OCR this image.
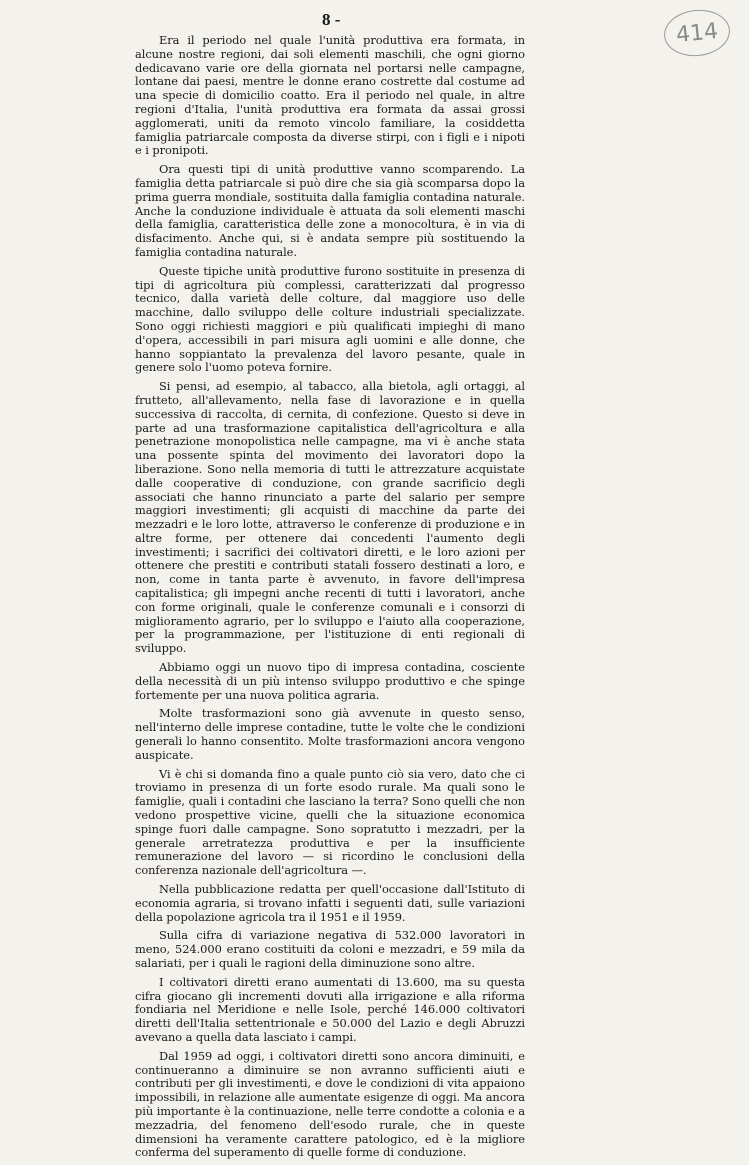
8 -	414

Era il periodo nel quale l'unità produttiva era formata, in alcune nostre regioni, dai soli elementi maschili, che ogni giorno dedicavano varie ore della giornata nel portarsi nelle campagne, lontane dai paesi, mentre le donne erano costrette dal costume ad una specie di domicilio coatto. Era il periodo nel quale, in altre regioni d'Italia, l'unità produttiva era formata da assai grossi agglomerati, uniti da remoto vincolo familiare, la cosiddetta famiglia patriarcale composta da diverse stirpi, con i figli e i nipoti e i pronipoti.

Ora questi tipi di unità produttive vanno scomparendo. La famiglia detta patriarcale si può dire che sia già scomparsa dopo la prima guerra mondiale, sostituita dalla famiglia contadina naturale. Anche la conduzione individuale è attuata da soli elementi maschi della famiglia, caratteristica delle zone a monocoltura, è in via di disfacimento. Anche qui, si è andata sempre più sostituendo la famiglia contadina naturale.

Queste tipiche unità produttive furono sostituite in presenza di tipi di agricoltura più complessi, caratterizzati dal progresso tecnico, dalla varietà delle colture, dal maggiore uso delle macchine, dallo sviluppo delle colture industriali specializzate. Sono oggi richiesti maggiori e più qualificati impieghi di mano d'opera, accessibili in pari misura agli uomini e alle donne, che hanno soppiantato la prevalenza del lavoro pesante, quale in genere solo l'uomo poteva fornire.

Si pensi, ad esempio, al tabacco, alla bietola, agli ortaggi, al frutteto, all'allevamento, nella fase di lavorazione e in quella successiva di raccolta, di cernita, di confezione. Questo si deve in parte ad una trasformazione capitalistica dell'agricoltura e alla penetrazione monopolistica nelle campagne, ma vi è anche stata una possente spinta del movimento dei lavoratori dopo la liberazione. Sono nella memoria di tutti le attrezzature acquistate dalle cooperative di conduzione, con grande sacrificio degli associati che hanno rinunciato a parte del salario per sempre maggiori investimenti; gli acquisti di macchine da parte dei mezzadri e le loro lotte, attraverso le conferenze di produzione e in altre forme, per ottenere dai concedenti l'aumento degli investimenti; i sacrifici dei coltivatori diretti, e le loro azioni per ottenere che prestiti e contributi statali fossero destinati a loro, e non, come in tanta parte è avvenuto, in favore dell'impresa capitalistica; gli impegni anche recenti di tutti i lavoratori, anche con forme originali, quale le conferenze comunali e i consorzi di miglioramento agrario, per lo sviluppo e l'aiuto alla cooperazione, per la programmazione, per l'istituzione di enti regionali di sviluppo.

Abbiamo oggi un nuovo tipo di impresa contadina, cosciente della necessità di un più intenso sviluppo produttivo e che spinge fortemente per una nuova politica agraria.

Molte trasformazioni sono già avvenute in questo senso, nell'interno delle imprese contadine, tutte le volte che le condizioni generali lo hanno consentito. Molte trasformazioni ancora vengono auspicate.

Vi è chi si domanda fino a quale punto ciò sia vero, dato che ci troviamo in presenza di un forte esodo rurale. Ma quali sono le famiglie, quali i contadini che lasciano la terra? Sono quelli che non vedono prospettive vicine, quelli che la situazione economica spinge fuori dalle campagne. Sono sopratutto i mezzadri, per la generale arretratezza produttiva e per la insufficiente remunerazione del lavoro — si ricordino le conclusioni della conferenza nazionale dell'agricoltura —.

Nella pubblicazione redatta per quell'occasione dall'Istituto di economia agraria, si trovano infatti i seguenti dati, sulle variazioni della popolazione agricola tra il 1951 e il 1959.

Sulla cifra di variazione negativa di 532.000 lavoratori in meno, 524.000 erano costituiti da coloni e mezzadri, e 59 mila da salariati, per i quali le ragioni della diminuzione sono altre.

I coltivatori diretti erano aumentati di 13.600, ma su questa cifra giocano gli incrementi dovuti alla irrigazione e alla riforma fondiaria nel Meridione e nelle Isole, perché 146.000 coltivatori diretti dell'Italia settentrionale e 50.000 del Lazio e degli Abruzzi avevano a quella data lasciato i campi.

Dal 1959 ad oggi, i coltivatori diretti sono ancora diminuiti, e continueranno a diminuire se non avranno sufficienti aiuti e contributi per gli investimenti, e dove le condizioni di vita appaiono impossibili, in relazione alle aumentate esigenze di oggi. Ma ancora più importante è la continuazione, nelle terre condotte a colonia e a mezzadria, del fenomeno dell'esodo rurale, che in queste dimensioni ha veramente carattere patologico, ed è la migliore conferma del superamento di quelle forme di conduzione.
